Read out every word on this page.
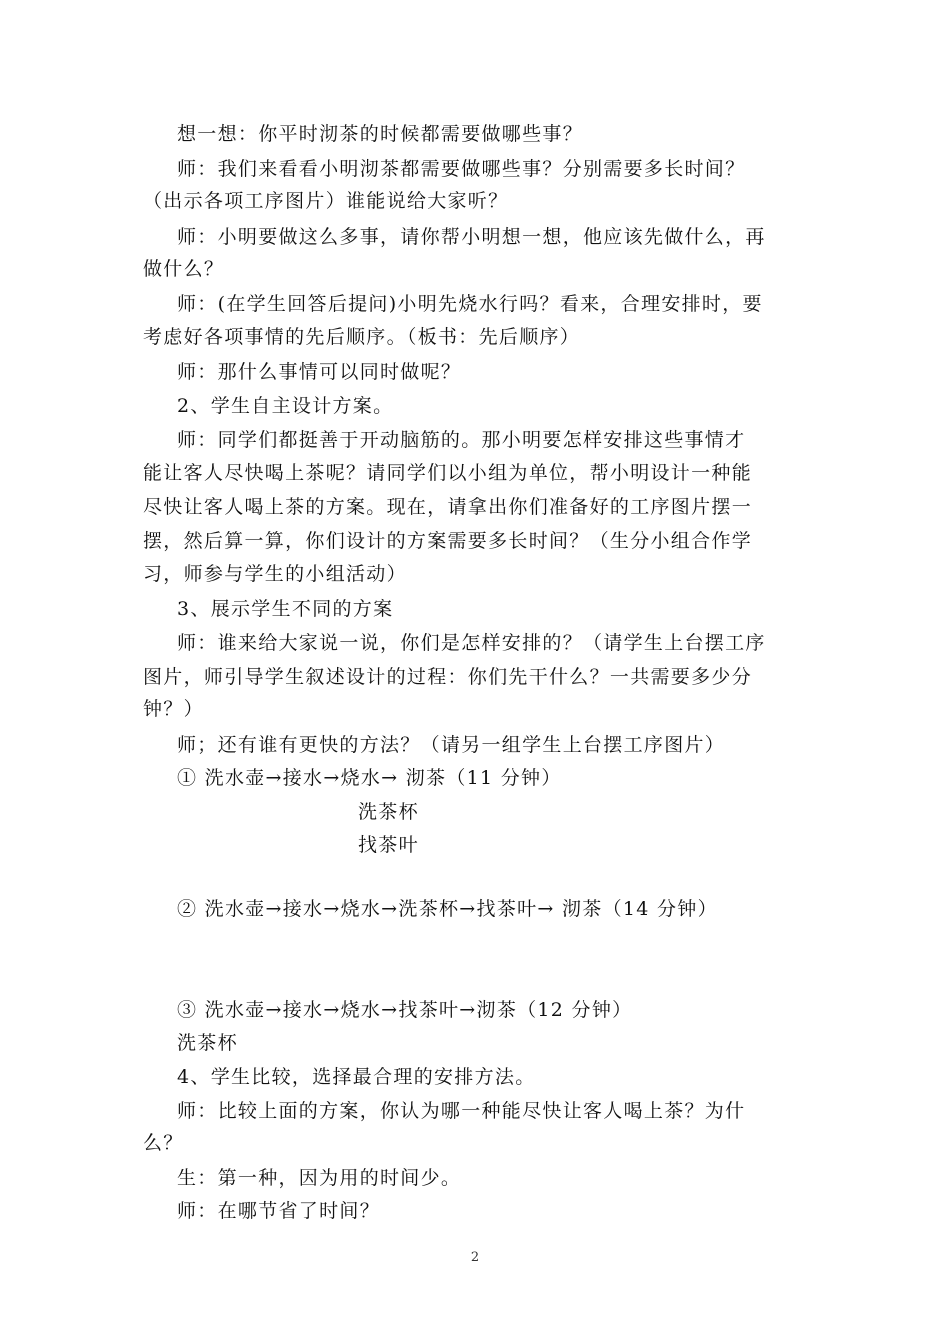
想一想：你平时沏茶的时候都需要做哪些事？
师：我们来看看小明沏茶都需要做哪些事？分别需要多长时间？
（出示各项工序图片）谁能说给大家听？
师：小明要做这么多事，请你帮小明想一想，他应该先做什么，再
做什么？
师：(在学生回答后提问)小明先烧水行吗？看来，合理安排时，要
考虑好各项事情的先后顺序。（板书：先后顺序）
师：那什么事情可以同时做呢？
2、学生自主设计方案。
师：同学们都挺善于开动脑筋的。那小明要怎样安排这些事情才
能让客人尽快喝上茶呢？请同学们以小组为单位，帮小明设计一种能
尽快让客人喝上茶的方案。现在，请拿出你们准备好的工序图片摆一
摆，然后算一算，你们设计的方案需要多长时间？（生分小组合作学
习，师参与学生的小组活动）
3、展示学生不同的方案
师：谁来给大家说一说，你们是怎样安排的？（请学生上台摆工序
图片，师引导学生叙述设计的过程：你们先干什么？一共需要多少分
钟？）
师；还有谁有更快的方法？（请另一组学生上台摆工序图片）
① 洗水壶→接水→烧水→ 沏茶（11 分钟）
洗茶杯
找茶叶
② 洗水壶→接水→烧水→洗茶杯→找茶叶→ 沏茶（14 分钟）
③ 洗水壶→接水→烧水→找茶叶→沏茶（12 分钟）
洗茶杯
4、学生比较，选择最合理的安排方法。
师：比较上面的方案，你认为哪一种能尽快让客人喝上茶？为什
么？
生：第一种，因为用的时间少。
师：在哪节省了时间？
2
